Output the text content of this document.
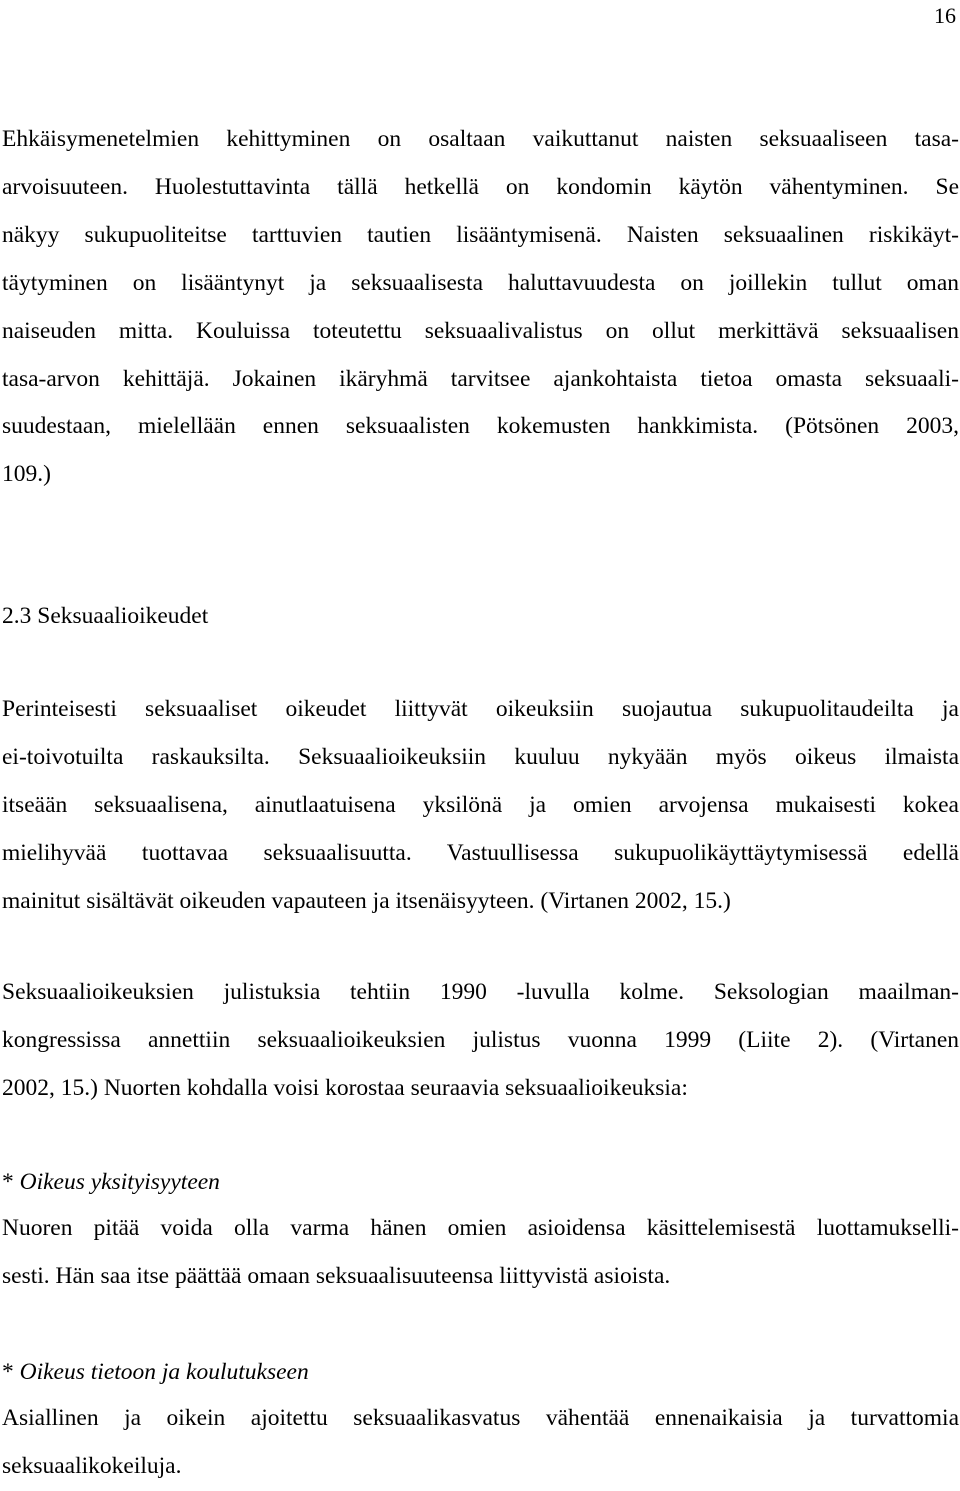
16
Ehkäisymenetelmien kehittyminen on osaltaan vaikuttanut naisten seksuaaliseen tasa-
arvoisuuteen. Huolestuttavinta tällä hetkellä on kondomin käytön vähentyminen. Se
näkyy sukupuoliteitse tarttuvien tautien lisääntymisenä. Naisten seksuaalinen riskikäyt-
täytyminen on lisääntynyt ja seksuaalisesta haluttavuudesta on joillekin tullut oman
naiseuden mitta. Kouluissa toteutettu seksuaalivalistus on ollut merkittävä seksuaalisen
tasa-arvon kehittäjä. Jokainen ikäryhmä tarvitsee ajankohtaista tietoa omasta seksuaali-
suudestaan, mielellään ennen seksuaalisten kokemusten hankkimista. (Pötsönen 2003,
109.)
2.3 Seksuaalioikeudet
Perinteisesti seksuaaliset oikeudet liittyvät oikeuksiin suojautua sukupuolitaudeilta ja
ei-toivotuilta raskauksilta. Seksuaalioikeuksiin kuuluu nykyään myös oikeus ilmaista
itseään seksuaalisena, ainutlaatuisena yksilönä ja omien arvojensa mukaisesti kokea
mielihyvää tuottavaa seksuaalisuutta. Vastuullisessa sukupuolikäyttäytymisessä edellä
mainitut sisältävät oikeuden vapauteen ja itsenäisyyteen. (Virtanen 2002, 15.)
Seksuaalioikeuksien julistuksia tehtiin 1990 -luvulla kolme. Seksologian maailman-
kongressissa annettiin seksuaalioikeuksien julistus vuonna 1999 (Liite 2). (Virtanen
2002, 15.) Nuorten kohdalla voisi korostaa seuraavia seksuaalioikeuksia:
* Oikeus yksityisyyteen
Nuoren pitää voida olla varma hänen omien asioidensa käsittelemisestä luottamukselli-
sesti. Hän saa itse päättää omaan seksuaalisuuteensa liittyvistä asioista.
* Oikeus tietoon ja koulutukseen
Asiallinen ja oikein ajoitettu seksuaalikasvatus vähentää ennenaikaisia ja turvattomia
seksuaalikokeiluja.
